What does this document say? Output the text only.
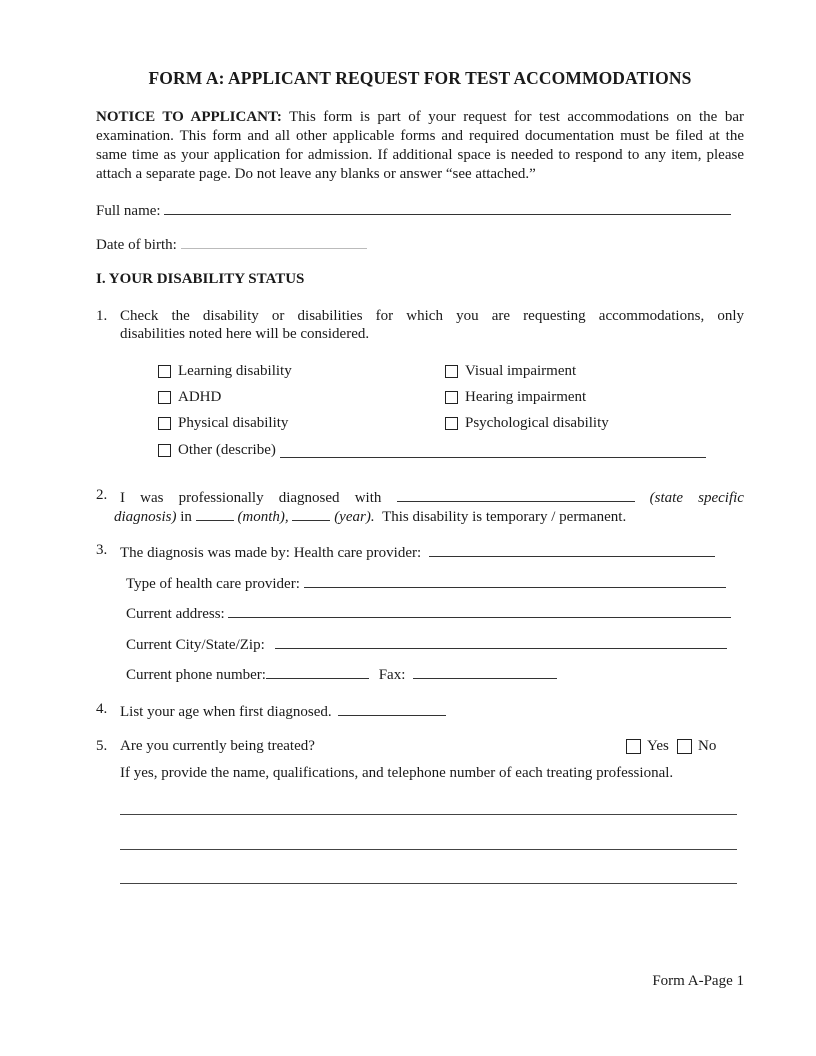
FORM A: APPLICANT REQUEST FOR TEST ACCOMMODATIONS
NOTICE TO APPLICANT: This form is part of your request for test accommodations on the bar examination. This form and all other applicable forms and required documentation must be filed at the same time as your application for admission. If additional space is needed to respond to any item, please attach a separate page. Do not leave any blanks or answer “see attached.”
Full name:
Date of birth:
I. YOUR DISABILITY STATUS
1. Check the disability or disabilities for which you are requesting accommodations, only
disabilities noted here will be considered.
Learning disability
ADHD
Physical disability
Visual impairment
Hearing impairment
Psychological disability
Other (describe)
2. I was professionally diagnosed with	(state specific
diagnosis) in	(month),	(year). This disability is temporary / permanent.
3. The diagnosis was made by: Health care provider:
Type of health care provider:
Current address:
Current City/State/Zip:
Current phone number:	Fax:
4. List your age when first diagnosed.
5. Are you currently being treated?	Yes No
If yes, provide the name, qualifications, and telephone number of each treating professional.
Form A-Page 1
